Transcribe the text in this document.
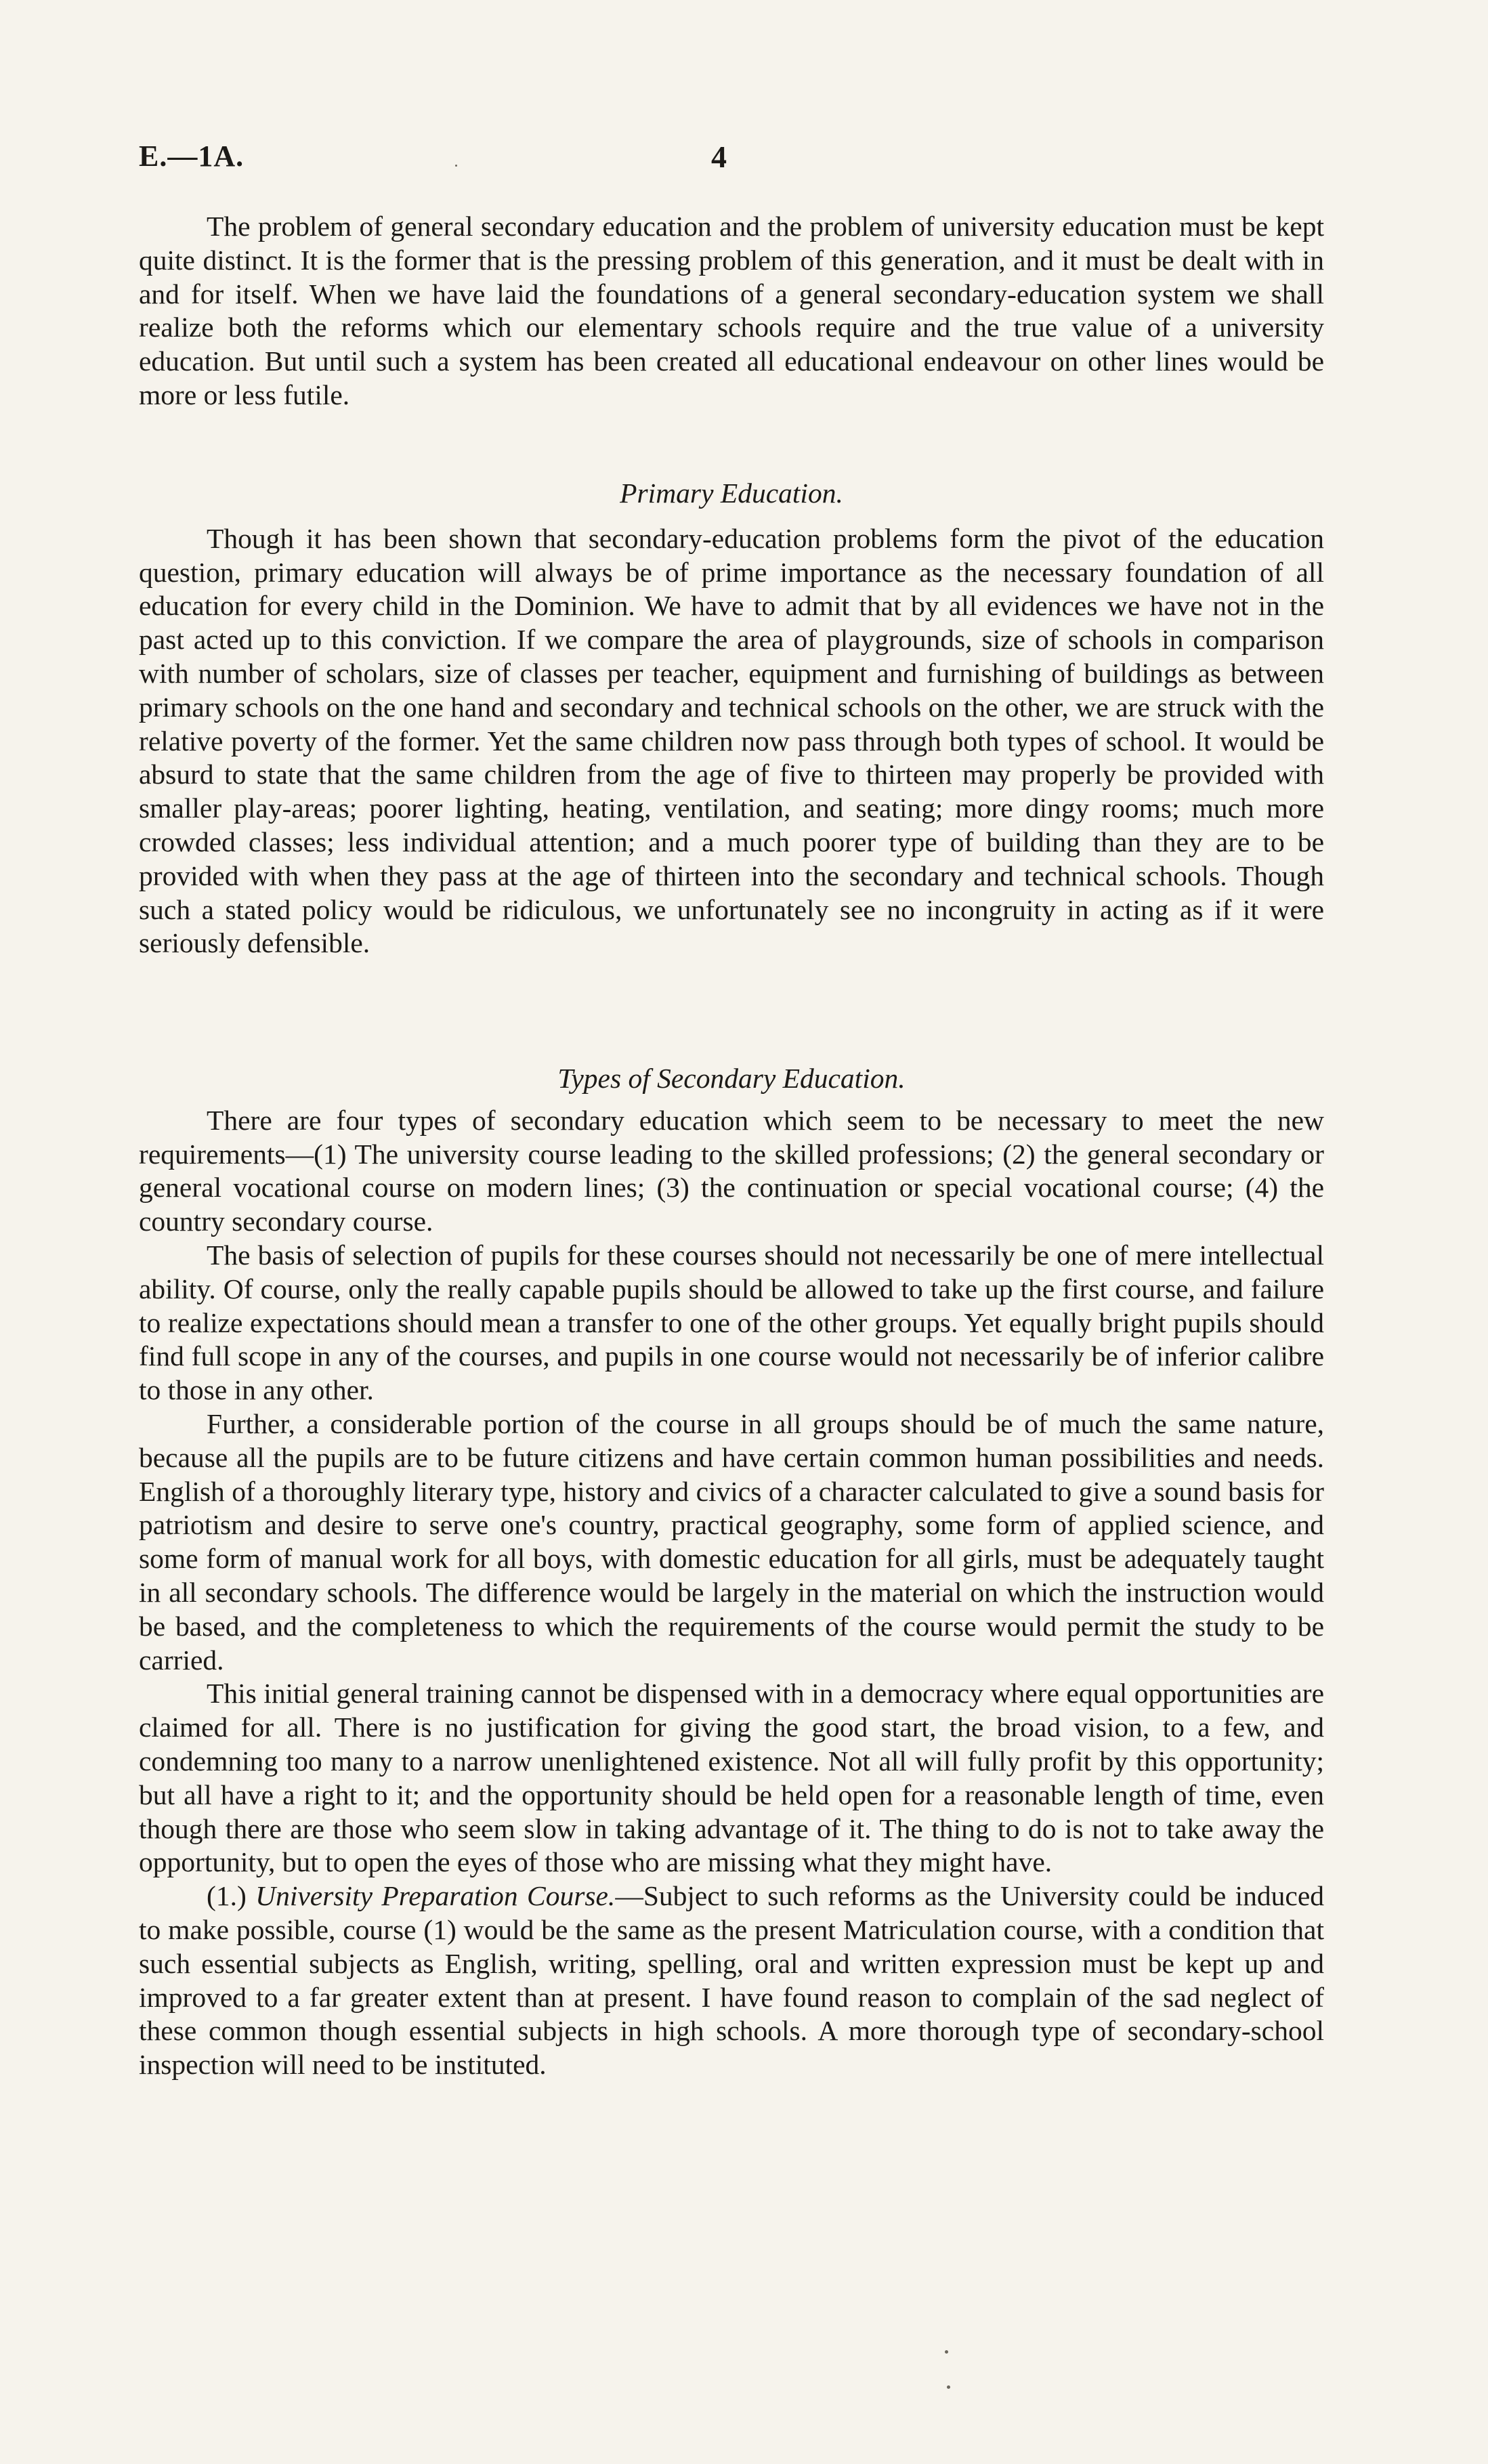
E.—1A.	4

The problem of general secondary education and the problem of university education must be kept quite distinct. It is the former that is the pressing problem of this generation, and it must be dealt with in and for itself. When we have laid the foundations of a general secondary-education system we shall realize both the reforms which our elementary schools require and the true value of a university education. But until such a system has been created all educational endeavour on other lines would be more or less futile.

Primary Education.

Though it has been shown that secondary-education problems form the pivot of the education question, primary education will always be of prime importance as the necessary foundation of all education for every child in the Dominion. We have to admit that by all evidences we have not in the past acted up to this conviction. If we compare the area of playgrounds, size of schools in comparison with number of scholars, size of classes per teacher, equipment and furnishing of buildings as between primary schools on the one hand and secondary and technical schools on the other, we are struck with the relative poverty of the former. Yet the same children now pass through both types of school. It would be absurd to state that the same children from the age of five to thirteen may properly be provided with smaller play-areas; poorer lighting, heating, ventilation, and seating; more dingy rooms; much more crowded classes; less individual attention; and a much poorer type of building than they are to be provided with when they pass at the age of thirteen into the secondary and technical schools. Though such a stated policy would be ridiculous, we unfortunately see no incongruity in acting as if it were seriously defensible.

Types of Secondary Education.

There are four types of secondary education which seem to be necessary to meet the new requirements—(1) The university course leading to the skilled professions; (2) the general secondary or general vocational course on modern lines; (3) the continuation or special vocational course; (4) the country secondary course.

The basis of selection of pupils for these courses should not necessarily be one of mere intellectual ability. Of course, only the really capable pupils should be allowed to take up the first course, and failure to realize expectations should mean a transfer to one of the other groups. Yet equally bright pupils should find full scope in any of the courses, and pupils in one course would not necessarily be of inferior calibre to those in any other.

Further, a considerable portion of the course in all groups should be of much the same nature, because all the pupils are to be future citizens and have certain common human possibilities and needs. English of a thoroughly literary type, history and civics of a character calculated to give a sound basis for patriotism and desire to serve one's country, practical geography, some form of applied science, and some form of manual work for all boys, with domestic education for all girls, must be adequately taught in all secondary schools. The difference would be largely in the material on which the instruction would be based, and the completeness to which the requirements of the course would permit the study to be carried.

This initial general training cannot be dispensed with in a democracy where equal opportunities are claimed for all. There is no justification for giving the good start, the broad vision, to a few, and condemning too many to a narrow unenlightened existence. Not all will fully profit by this opportunity; but all have a right to it; and the opportunity should be held open for a reasonable length of time, even though there are those who seem slow in taking advantage of it. The thing to do is not to take away the opportunity, but to open the eyes of those who are missing what they might have.

(1.) University Preparation Course.—Subject to such reforms as the University could be induced to make possible, course (1) would be the same as the present Matriculation course, with a condition that such essential subjects as English, writing, spelling, oral and written expression must be kept up and improved to a far greater extent than at present. I have found reason to complain of the sad neglect of these common though essential subjects in high schools. A more thorough type of secondary-school inspection will need to be instituted.
